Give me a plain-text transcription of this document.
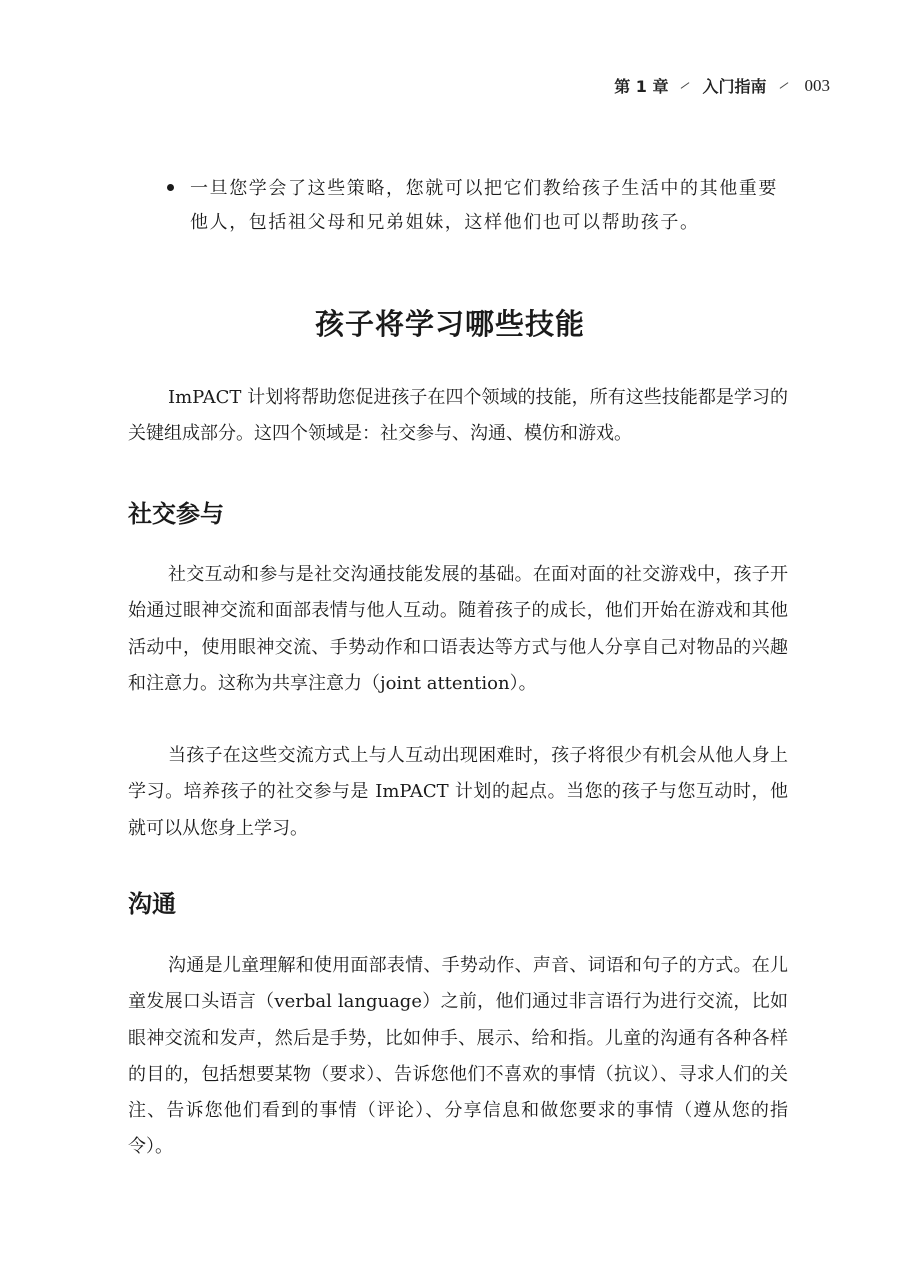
第 1 章 入门指南 003
一旦您学会了这些策略，您就可以把它们教给孩子生活中的其他重要他人，包括祖父母和兄弟姐妹，这样他们也可以帮助孩子。
孩子将学习哪些技能

ImPACT 计划将帮助您促进孩子在四个领域的技能，所有这些技能都是学习的关键组成部分。这四个领域是：社交参与、沟通、模仿和游戏。

社交参与

社交互动和参与是社交沟通技能发展的基础。在面对面的社交游戏中，孩子开始通过眼神交流和面部表情与他人互动。随着孩子的成长，他们开始在游戏和其他活动中，使用眼神交流、手势动作和口语表达等方式与他人分享自己对物品的兴趣和注意力。这称为共享注意力（joint attention）。

当孩子在这些交流方式上与人互动出现困难时，孩子将很少有机会从他人身上学习。培养孩子的社交参与是 ImPACT 计划的起点。当您的孩子与您互动时，他就可以从您身上学习。

沟通

沟通是儿童理解和使用面部表情、手势动作、声音、词语和句子的方式。在儿童发展口头语言（verbal language）之前，他们通过非言语行为进行交流，比如眼神交流和发声，然后是手势，比如伸手、展示、给和指。儿童的沟通有各种各样的目的，包括想要某物（要求）、告诉您他们不喜欢的事情（抗议）、寻求人们的关注、告诉您他们看到的事情（评论）、分享信息和做您要求的事情（遵从您的指令）。
